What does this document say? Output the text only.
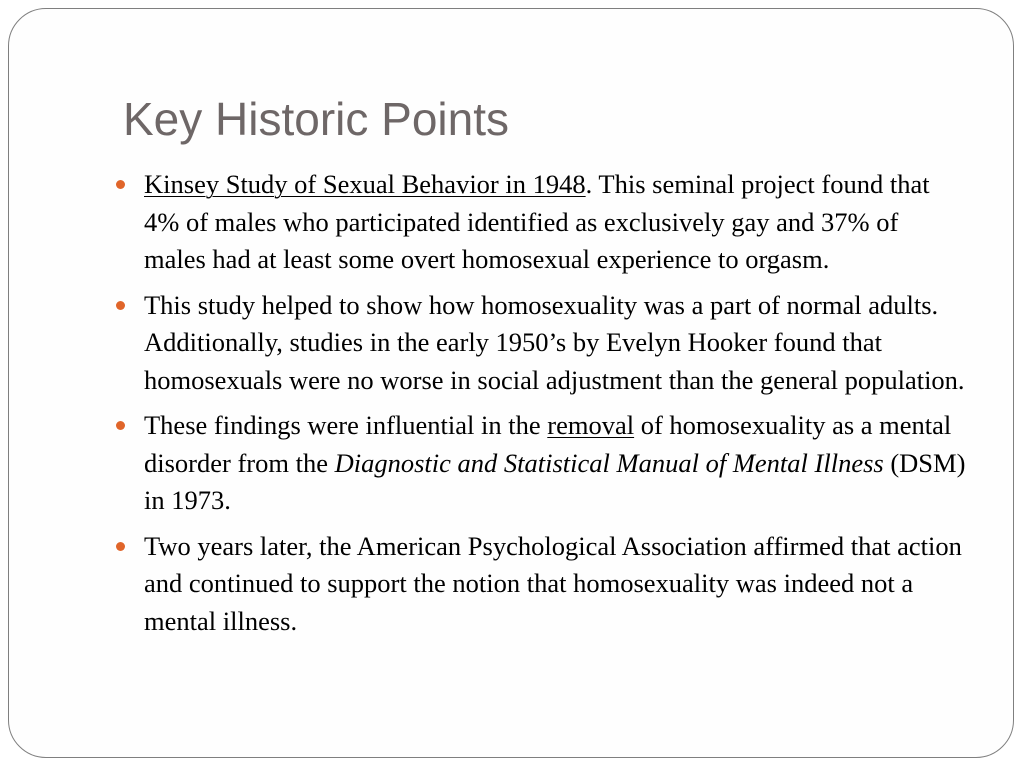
Key Historic Points
Kinsey Study of Sexual Behavior in 1948. This seminal project found that 4% of males who participated identified as exclusively gay and 37% of males had at least some overt homosexual experience to orgasm.
This study helped to show how homosexuality was a part of normal adults. Additionally, studies in the early 1950’s by Evelyn Hooker found that homosexuals were no worse in social adjustment than the general population.
These findings were influential in the removal of homosexuality as a mental disorder from the Diagnostic and Statistical Manual of Mental Illness (DSM) in 1973.
Two years later, the American Psychological Association affirmed that action and continued to support the notion that homosexuality was indeed not a mental illness.
